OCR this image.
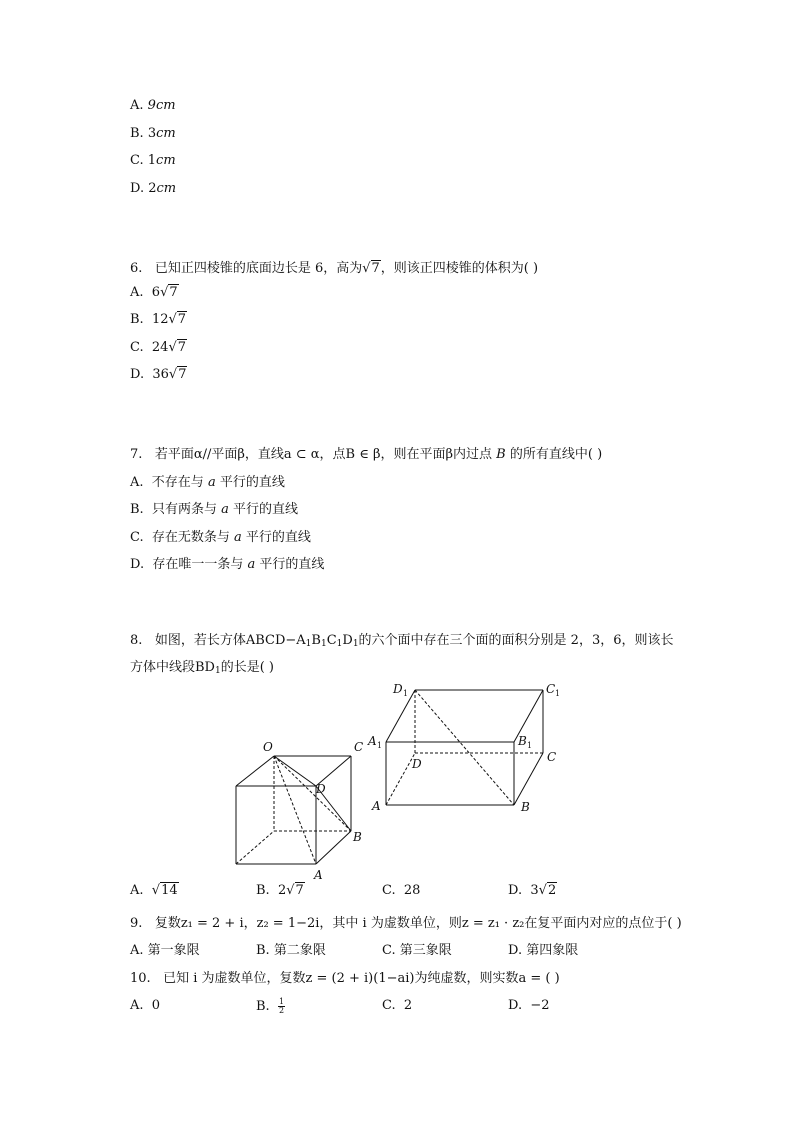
A. 9cm
B. 3cm
C. 1cm
D. 2cm
6. 已知正四棱锥的底面边长是 6，高为√7，则该正四棱锥的体积为( )
A. 6√7
B. 12√7
C. 24√7
D. 36√7
7. 若平面α//平面β，直线a ⊂ α，点B ∈ β，则在平面β内过点 B 的所有直线中( )
A. 不存在与 a 平行的直线
B. 只有两条与 a 平行的直线
C. 存在无数条与 a 平行的直线
D. 存在唯一一条与 a 平行的直线
8. 如图，若长方体$ABCD-A_1B_1C_1D_1$的六个面中存在三个面的面积分别是 2，3，6，则该长
方体中线段$BD_1$的长是( )
O	C
D
B
A
D 1	C 1
A 1	B 1
D	C
A	B
A. √14	B. 2√7	C. 28	D. 3√2
9. 复数z₁ = 2 + i，z₂ = 1−2i，其中 i 为虚数单位，则z = z₁ · z₂在复平面内对应的点位于( )
A. 第一象限	B. 第二象限	C. 第三象限	D. 第四象限
10. 已知 i 为虚数单位，复数z = (2 + i)(1−ai)为纯虚数，则实数a = ( )
A. 0	B. $\frac{1}{2}$	C. 2	D. −2
